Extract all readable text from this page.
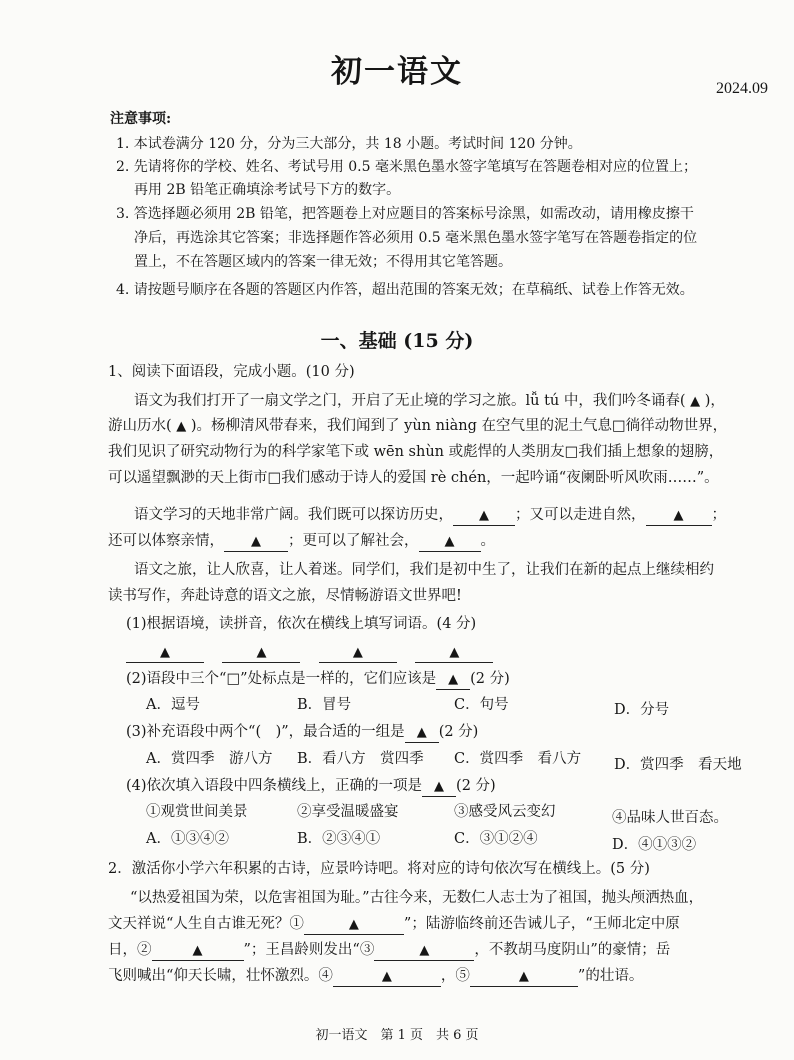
初一语文	2024.09
注意事项:
1. 本试卷满分 120 分，分为三大部分，共 18 小题。考试时间 120 分钟。
2. 先请将你的学校、姓名、考试号用 0.5 毫米黑色墨水签字笔填写在答题卷相对应的位置上；
再用 2B 铅笔正确填涂考试号下方的数字。
3. 答选择题必须用 2B 铅笔，把答题卷上对应题目的答案标号涂黑，如需改动，请用橡皮擦干
净后，再选涂其它答案；非选择题作答必须用 0.5 毫米黑色墨水签字笔写在答题卷指定的位
置上，不在答题区域内的答案一律无效；不得用其它笔答题。
4. 请按题号顺序在各题的答题区内作答，超出范围的答案无效；在草稿纸、试卷上作答无效。
一、基础 (15 分)
1、阅读下面语段，完成小题。(10 分)
语文为我们打开了一扇文学之门，开启了无止境的学习之旅。lǚ tú 中，我们吟冬诵春( ▲ )，
游山历水( ▲ )。杨柳清风带春来，我们闻到了 yùn niàng 在空气里的泥土气息□徜徉动物世界，
我们见识了研究动物行为的科学家笔下或 wēn shùn 或彪悍的人类朋友□我们插上想象的翅膀，
可以遥望飘渺的天上街市□我们感动于诗人的爱国 rè chén，一起吟诵“夜阑卧听风吹雨……”。
语文学习的天地非常广阔。我们既可以探访历史， ▲ ；又可以走进自然， ▲ ；
还可以体察亲情， ▲ ；更可以了解社会， ▲ 。
语文之旅，让人欣喜，让人着迷。同学们，我们是初中生了，让我们在新的起点上继续相约
读书写作，奔赴诗意的语文之旅，尽情畅游语文世界吧!
(1)根据语境，读拼音，依次在横线上填写词语。(4 分)
▲	▲	▲	▲
(2)语段中三个“□”处标点是一样的，它们应该是 ▲ (2 分)
A．逗号	B．冒号	C．句号	D．分号
(3)补充语段中两个“(　)”，最合适的一组是 ▲ (2 分)
A．赏四季　游八方 B．看八方　赏四季 C．赏四季　看八方 D．赏四季　看天地
(4)依次填入语段中四条横线上，正确的一项是 ▲ (2 分)
①观赏世间美景	②享受温暖盛宴	③感受风云变幻	④品味人世百态。
A．①③④②	B．②③④①	C．③①②④	D．④①③②
2．激活你小学六年积累的古诗，应景吟诗吧。将对应的诗句依次写在横线上。(5 分)
“以热爱祖国为荣，以危害祖国为耻。”古往今来，无数仁人志士为了祖国，抛头颅洒热血，
文天祥说“人生自古谁无死？①	▲	”；陆游临终前还告诫儿子，“王师北定中原
日，②	▲	”；王昌龄则发出“③	▲	，不教胡马度阴山”的豪情；岳
飞则喊出“仰天长啸，壮怀激烈。④	▲	，⑤	▲	”的壮语。
初一语文　第 1 页　共 6 页
